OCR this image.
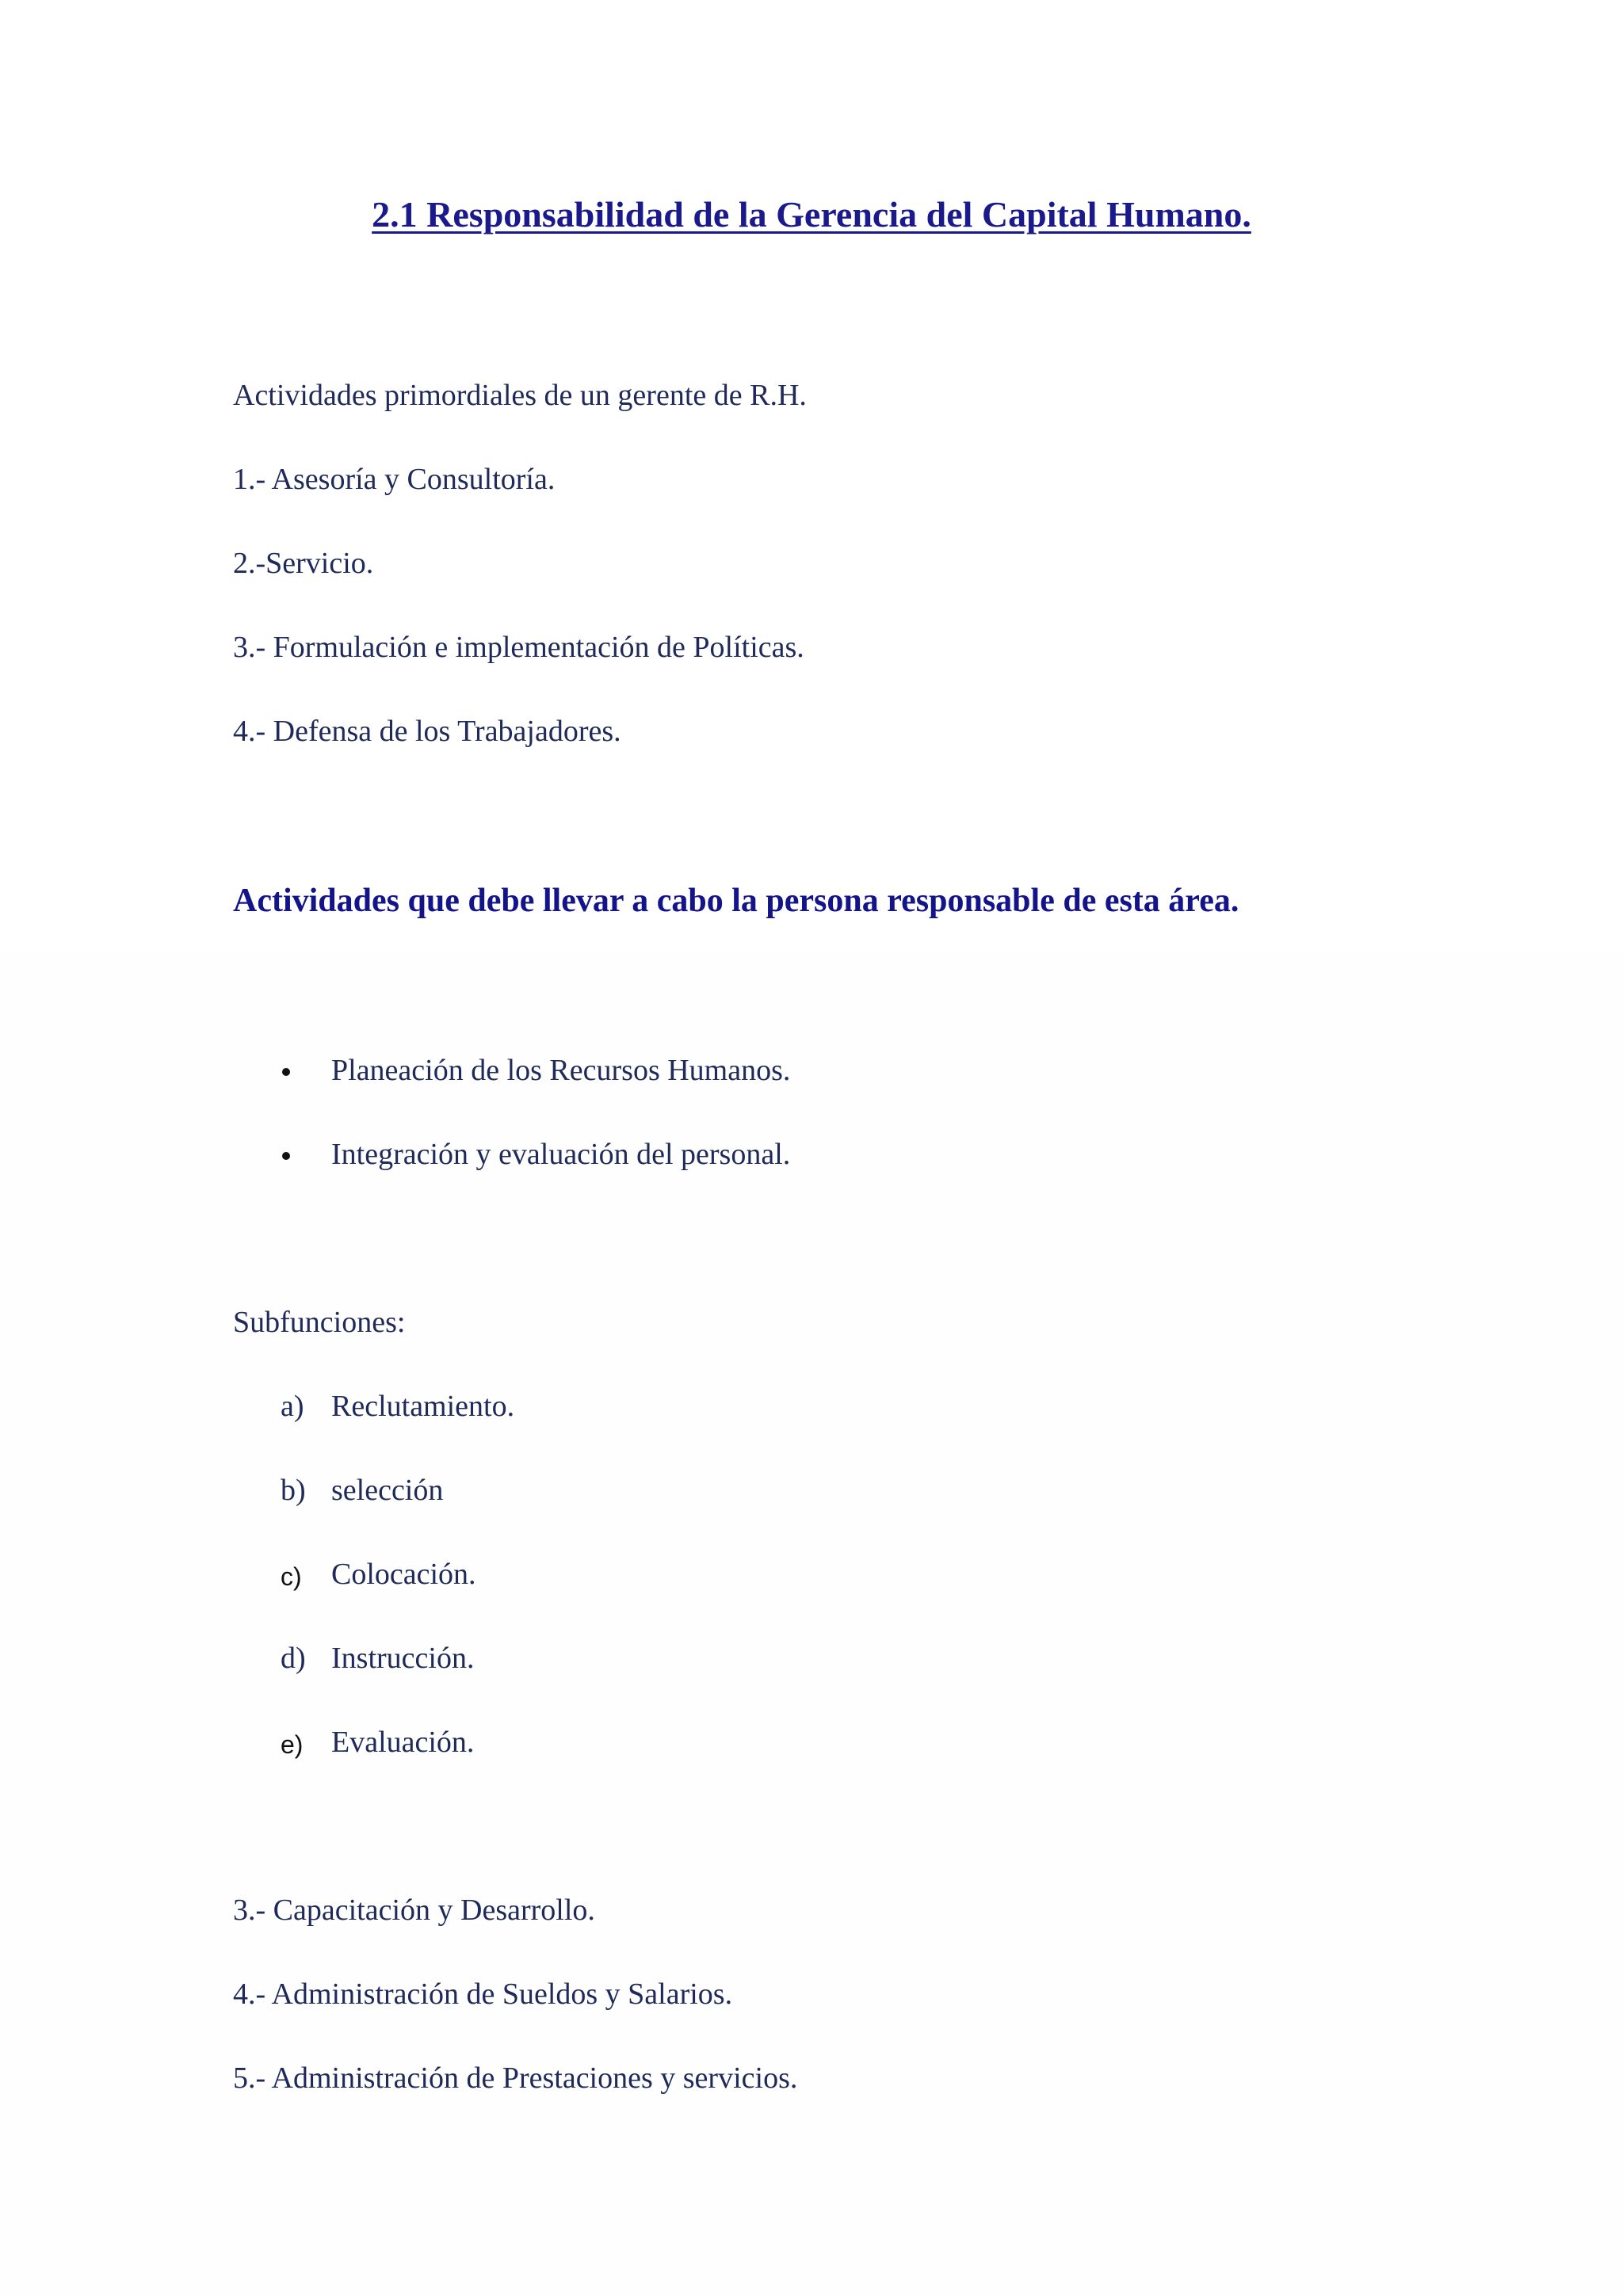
2.1 Responsabilidad de la Gerencia del Capital Humano.
Actividades primordiales de un gerente de R.H.
1.- Asesoría y Consultoría.
2.-Servicio.
3.- Formulación e implementación de Políticas.
4.- Defensa de los Trabajadores.
Actividades que debe llevar a cabo la persona responsable de esta área.
Planeación de los Recursos Humanos.
Integración y evaluación del personal.
Subfunciones:
a) Reclutamiento.
b) selección
c) Colocación.
d) Instrucción.
e) Evaluación.
3.- Capacitación y Desarrollo.
4.- Administración de Sueldos y Salarios.
5.- Administración de Prestaciones y servicios.
